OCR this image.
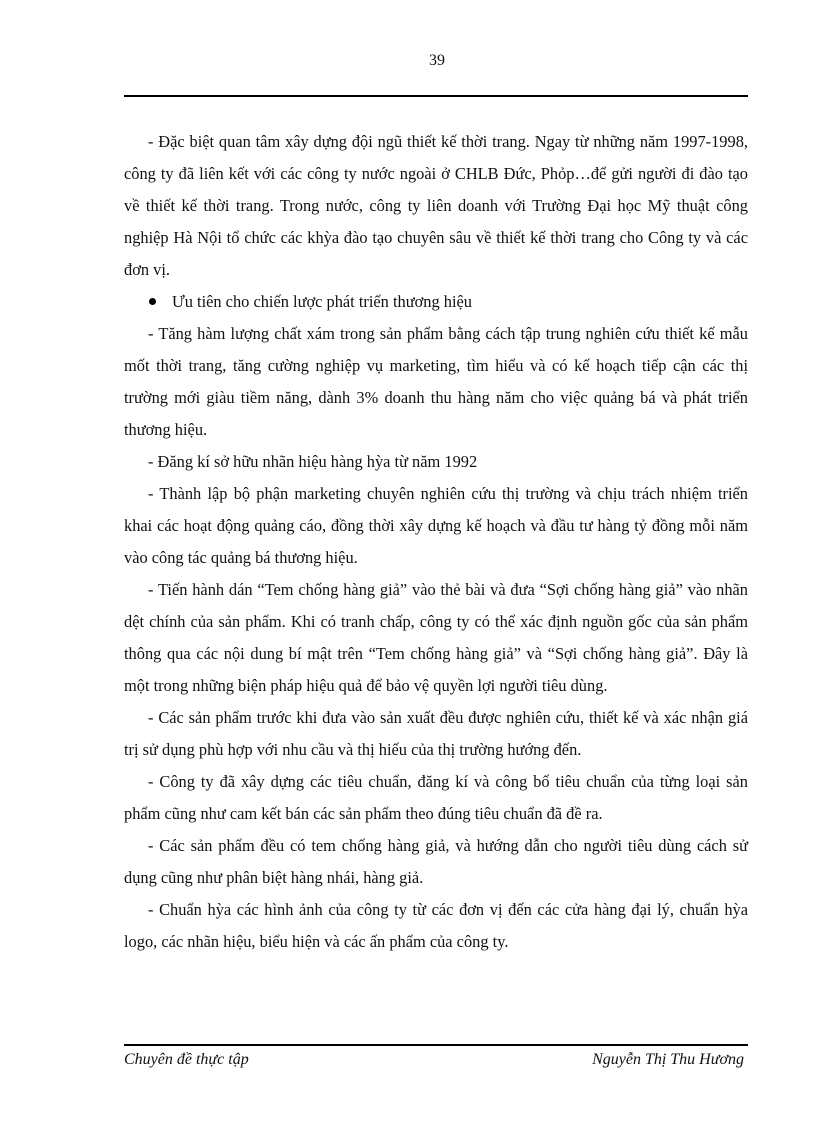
39

- Đặc biệt quan tâm xây dựng đội ngũ thiết kế thời trang. Ngay từ những năm 1997-1998, công ty đã liên kết với các công ty nước ngoài ở CHLB Đức, Phỏp…để gửi người đi đào tạo về thiết kế thời trang. Trong nước, công ty liên doanh với Trường Đại học Mỹ thuật công nghiệp Hà Nội tổ chức các khỳa đào tạo chuyên sâu về thiết kế thời trang cho Công ty và các đơn vị.

Ưu tiên cho chiến lược phát triển thương hiệu

- Tăng hàm lượng chất xám trong sản phẩm bằng cách tập trung nghiên cứu thiết kế mẫu mốt thời trang, tăng cường nghiệp vụ marketing, tìm hiểu và có kế hoạch tiếp cận các thị trường mới giàu tiềm năng, dành 3% doanh thu hàng năm cho việc quảng bá và phát triển thương hiệu.

- Đăng kí sở hữu nhãn hiệu hàng hỳa từ năm 1992

- Thành lập bộ phận marketing chuyên nghiên cứu thị trường và chịu trách nhiệm triển khai các hoạt động quảng cáo, đồng thời xây dựng kế hoạch và đầu tư hàng tỷ đồng mỗi năm vào công tác quảng bá thương hiệu.

- Tiến hành dán “Tem chống hàng giả” vào thẻ bài và đưa “Sợi chống hàng giả” vào nhãn dệt chính của sản phẩm. Khi có tranh chấp, công ty có thể xác định nguồn gốc của sản phẩm thông qua các nội dung bí mật trên “Tem chống hàng giả” và “Sợi chống hàng giả”. Đây là một trong những biện pháp hiệu quả để bảo vệ quyền lợi người tiêu dùng.

- Các sản phẩm trước khi đưa vào sản xuất đều được nghiên cứu, thiết kế và xác nhận giá trị sử dụng phù hợp với nhu cầu và thị hiếu của thị trường hướng đến.

- Công ty đã xây dựng các tiêu chuẩn, đăng kí và công bố tiêu chuẩn của từng loại sản phẩm cũng như cam kết bán các sản phẩm theo đúng tiêu chuẩn đã đề ra.

- Các sản phẩm đều có tem chống hàng giả, và hướng dẫn cho người tiêu dùng cách sử dụng cũng như phân biệt hàng nhái, hàng giả.

- Chuẩn hỳa các hình ảnh của công ty từ các đơn vị đến các cửa hàng đại lý, chuẩn hỳa logo, các nhãn hiệu, biểu hiện và các ấn phẩm của công ty.

Chuyên đề thực tập	Nguyễn Thị Thu Hương
